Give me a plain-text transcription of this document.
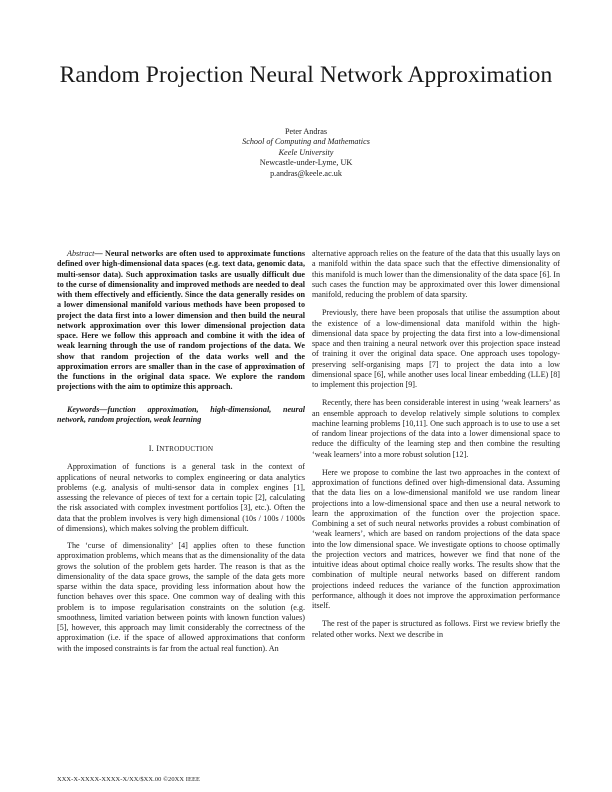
Random Projection Neural Network Approximation
Peter Andras
School of Computing and Mathematics
Keele University
Newcastle-under-Lyme, UK
p.andras@keele.ac.uk
Abstract— Neural networks are often used to approximate functions defined over high-dimensional data spaces (e.g. text data, genomic data, multi-sensor data). Such approximation tasks are usually difficult due to the curse of dimensionality and improved methods are needed to deal with them effectively and efficiently. Since the data generally resides on a lower dimensional manifold various methods have been proposed to project the data first into a lower dimension and then build the neural network approximation over this lower dimensional projection data space. Here we follow this approach and combine it with the idea of weak learning through the use of random projections of the data. We show that random projection of the data works well and the approximation errors are smaller than in the case of approximation of the functions in the original data space. We explore the random projections with the aim to optimize this approach.
Keywords—function approximation, high-dimensional, neural network, random projection, weak learning
I. INTRODUCTION

Approximation of functions is a general task in the context of applications of neural networks to complex engineering or data analytics problems (e.g. analysis of multi-sensor data in complex engines [1], assessing the relevance of pieces of text for a certain topic [2], calculating the risk associated with complex investment portfolios [3], etc.). Often the data that the problem involves is very high dimensional (10s / 100s / 1000s of dimensions), which makes solving the problem difficult.

The ‘curse of dimensionality’ [4] applies often to these function approximation problems, which means that as the dimensionality of the data grows the solution of the problem gets harder. The reason is that as the dimensionality of the data space grows, the sample of the data gets more sparse within the data space, providing less information about how the function behaves over this space. One common way of dealing with this problem is to impose regularisation constraints on the solution (e.g. smoothness, limited variation between points with known function values) [5], however, this approach may limit considerably the correctness of the approximation (i.e. if the space of allowed approximations that conform with the imposed constraints is far from the actual real function). An

alternative approach relies on the feature of the data that this usually lays on a manifold within the data space such that the effective dimensionality of this manifold is much lower than the dimensionality of the data space [6]. In such cases the function may be approximated over this lower dimensional manifold, reducing the problem of data sparsity.

Previously, there have been proposals that utilise the assumption about the existence of a low-dimensional data manifold within the high-dimensional data space by projecting the data first into a low-dimensional space and then training a neural network over this projection space instead of training it over the original data space. One approach uses topology-preserving self-organising maps [7] to project the data into a low dimensional space [6], while another uses local linear embedding (LLE) [8] to implement this projection [9].

Recently, there has been considerable interest in using ‘weak learners’ as an ensemble approach to develop relatively simple solutions to complex machine learning problems [10,11]. One such approach is to use to use a set of random linear projections of the data into a lower dimensional space to reduce the difficulty of the learning step and then combine the resulting ‘weak learners’ into a more robust solution [12].

Here we propose to combine the last two approaches in the context of approximation of functions defined over high-dimensional data. Assuming that the data lies on a low-dimensional manifold we use random linear projections into a low-dimensional space and then use a neural network to learn the approximation of the function over the projection space. Combining a set of such neural networks provides a robust combination of ‘weak learners’, which are based on random projections of the data space into the low dimensional space. We investigate options to choose optimally the projection vectors and matrices, however we find that none of the intuitive ideas about optimal choice really works. The results show that the combination of multiple neural networks based on different random projections indeed reduces the variance of the function approximation performance, although it does not improve the approximation performance itself.

The rest of the paper is structured as follows. First we review briefly the related other works. Next we describe in

XXX-X-XXXX-XXXX-X/XX/$XX.00 ©20XX IEEE
